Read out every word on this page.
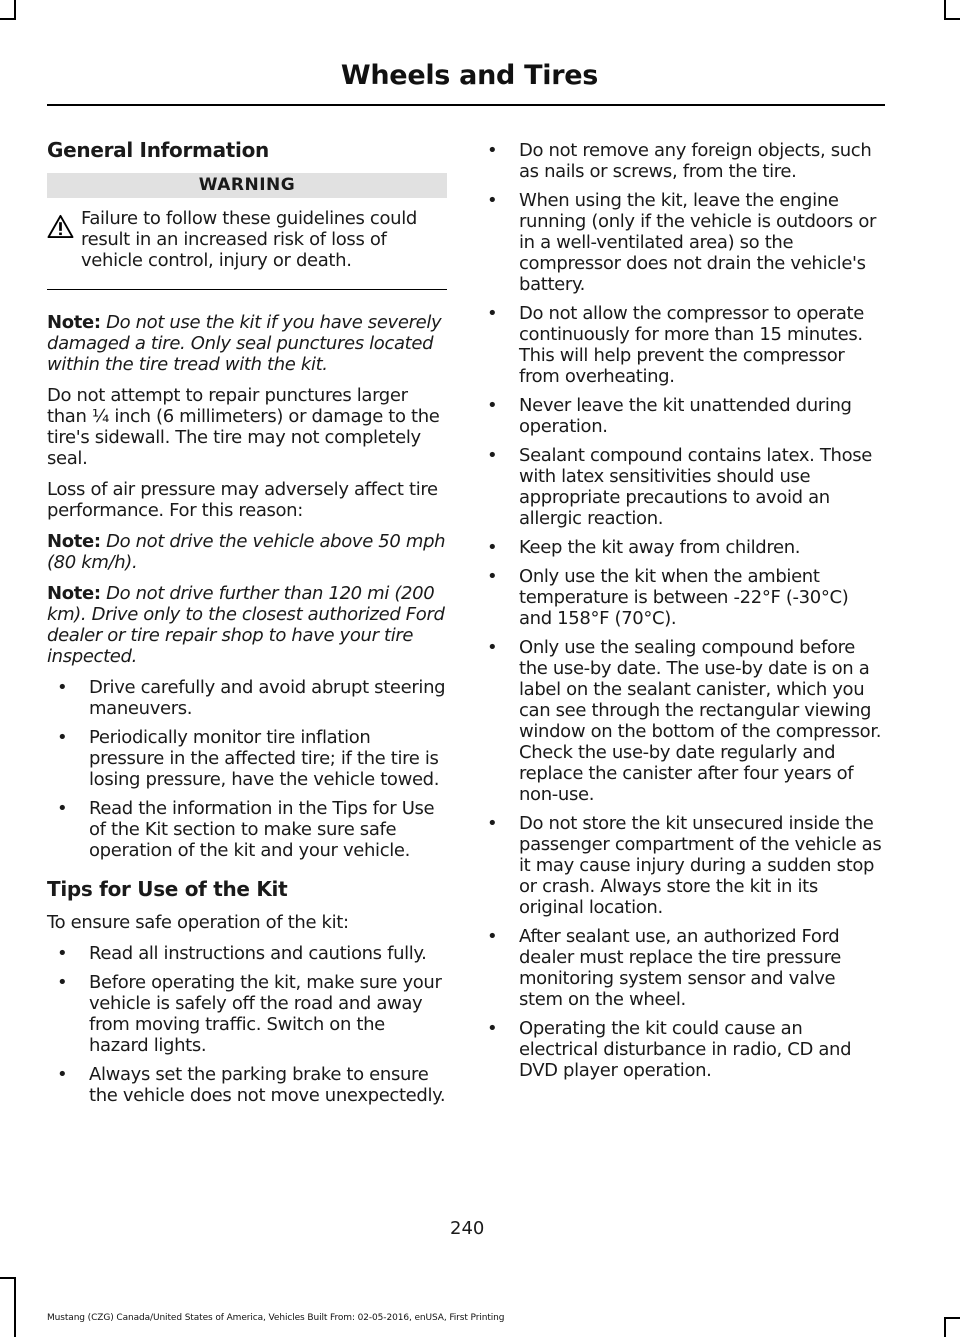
Wheels and Tires
General Information
WARNING
Failure to follow these guidelines could result in an increased risk of loss of vehicle control, injury or death.

Note: Do not use the kit if you have severely damaged a tire. Only seal punctures located within the tire tread with the kit.

Do not attempt to repair punctures larger than ¼ inch (6 millimeters) or damage to the tire's sidewall. The tire may not completely seal.

Loss of air pressure may adversely affect tire performance. For this reason:

Note: Do not drive the vehicle above 50 mph (80 km/h).

Note: Do not drive further than 120 mi (200 km). Drive only to the closest authorized Ford dealer or tire repair shop to have your tire inspected.

• Drive carefully and avoid abrupt steering maneuvers.
• Periodically monitor tire inflation pressure in the affected tire; if the tire is losing pressure, have the vehicle towed.
• Read the information in the Tips for Use of the Kit section to make sure safe operation of the kit and your vehicle.
Tips for Use of the Kit

To ensure safe operation of the kit:

• Read all instructions and cautions fully.
• Before operating the kit, make sure your vehicle is safely off the road and away from moving traffic. Switch on the hazard lights.
• Always set the parking brake to ensure the vehicle does not move unexpectedly.
• Do not remove any foreign objects, such as nails or screws, from the tire.
• When using the kit, leave the engine running (only if the vehicle is outdoors or in a well-ventilated area) so the compressor does not drain the vehicle's battery.
• Do not allow the compressor to operate continuously for more than 15 minutes. This will help prevent the compressor from overheating.
• Never leave the kit unattended during operation.
• Sealant compound contains latex. Those with latex sensitivities should use appropriate precautions to avoid an allergic reaction.
• Keep the kit away from children.
• Only use the kit when the ambient temperature is between -22°F (-30°C) and 158°F (70°C).
• Only use the sealing compound before the use-by date. The use-by date is on a label on the sealant canister, which you can see through the rectangular viewing window on the bottom of the compressor. Check the use-by date regularly and replace the canister after four years of non-use.
• Do not store the kit unsecured inside the passenger compartment of the vehicle as it may cause injury during a sudden stop or crash. Always store the kit in its original location.
• After sealant use, an authorized Ford dealer must replace the tire pressure monitoring system sensor and valve stem on the wheel.
• Operating the kit could cause an electrical disturbance in radio, CD and DVD player operation.
240
Mustang (CZG) Canada/United States of America, Vehicles Built From: 02-05-2016, enUSA, First Printing
